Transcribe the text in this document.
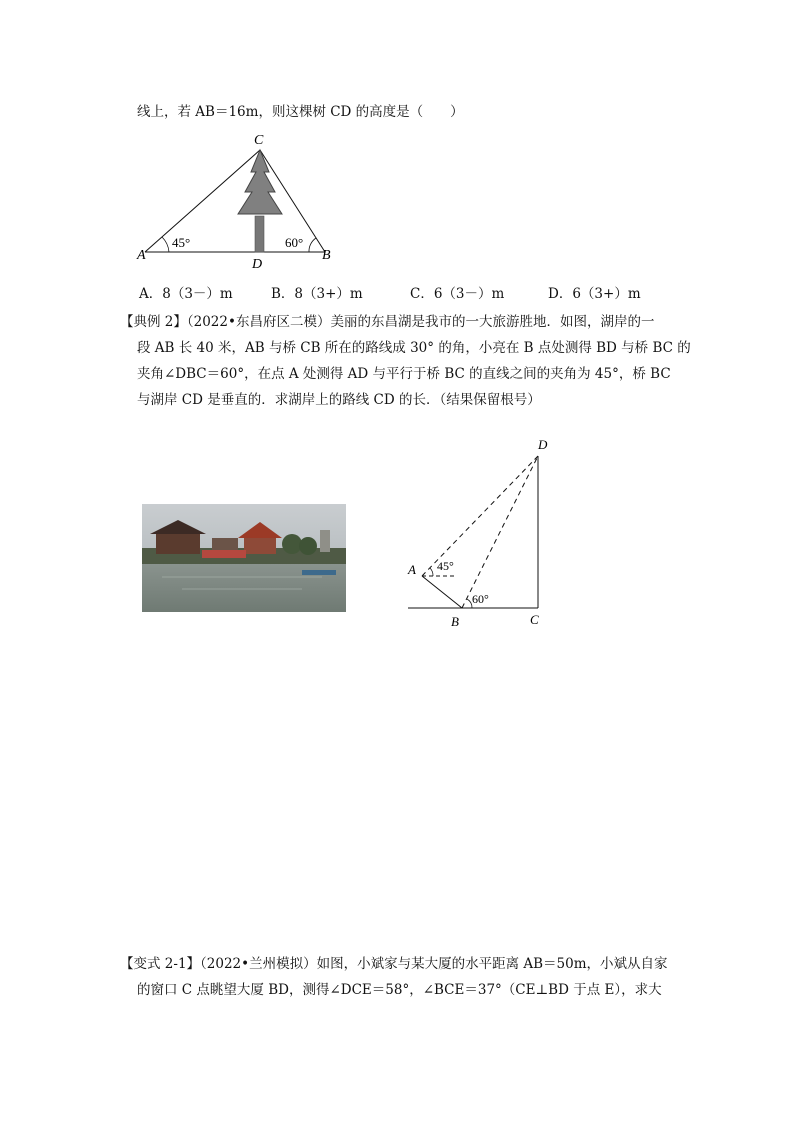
线上，若 AB＝16m，则这棵树 CD 的高度是（　　）
C
A	B
D
45°	60°
A．8（3－）m	B．8（3+）m	C．6（3－）m	D．6（3+）m
【典例 2】（2022•东昌府区二模）美丽的东昌湖是我市的一大旅游胜地．如图，湖岸的一
段 AB 长 40 米，AB 与桥 CB 所在的路线成 30° 的角，小亮在 B 点处测得 BD 与桥 BC 的
夹角∠DBC＝60°，在点 A 处测得 AD 与平行于桥 BC 的直线之间的夹角为 45°，桥 BC
与湖岸 CD 是垂直的．求湖岸上的路线 CD 的长．（结果保留根号）
D
A
B	C
45°
60°
【变式 2-1】（2022•兰州模拟）如图，小斌家与某大厦的水平距离 AB＝50m，小斌从自家
的窗口 C 点眺望大厦 BD，测得∠DCE＝58°，∠BCE＝37°（CE⊥BD 于点 E），求大
